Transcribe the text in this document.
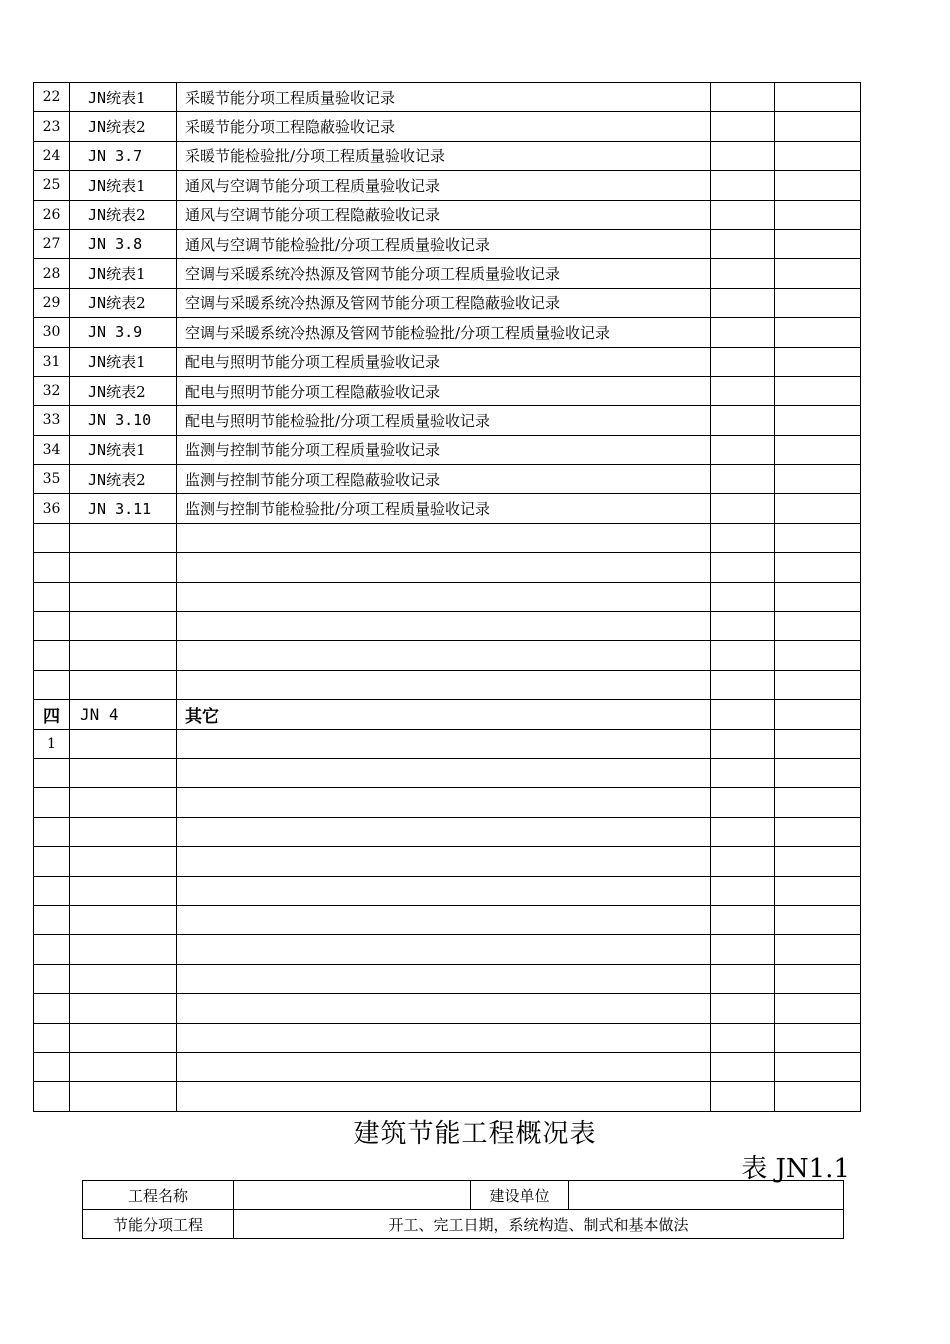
22	JN统表1	采暖节能分项工程质量验收记录		
23	JN统表2	采暖节能分项工程隐蔽验收记录		
24	JN 3.7	采暖节能检验批/分项工程质量验收记录		
25	JN统表1	通风与空调节能分项工程质量验收记录		
26	JN统表2	通风与空调节能分项工程隐蔽验收记录		
27	JN 3.8	通风与空调节能检验批/分项工程质量验收记录		
28	JN统表1	空调与采暖系统冷热源及管网节能分项工程质量验收记录		
29	JN统表2	空调与采暖系统冷热源及管网节能分项工程隐蔽验收记录		
30	JN 3.9	空调与采暖系统冷热源及管网节能检验批/分项工程质量验收记录		
31	JN统表1	配电与照明节能分项工程质量验收记录		
32	JN统表2	配电与照明节能分项工程隐蔽验收记录		
33	JN 3.10	配电与照明节能检验批/分项工程质量验收记录		
34	JN统表1	监测与控制节能分项工程质量验收记录		
35	JN统表2	监测与控制节能分项工程隐蔽验收记录		
36	JN 3.11	监测与控制节能检验批/分项工程质量验收记录		

四	JN 4	其它		
1				

建筑节能工程概况表
表 JN1.1
工程名称		建设单位	
节能分项工程	开工、完工日期，系统构造、制式和基本做法		
